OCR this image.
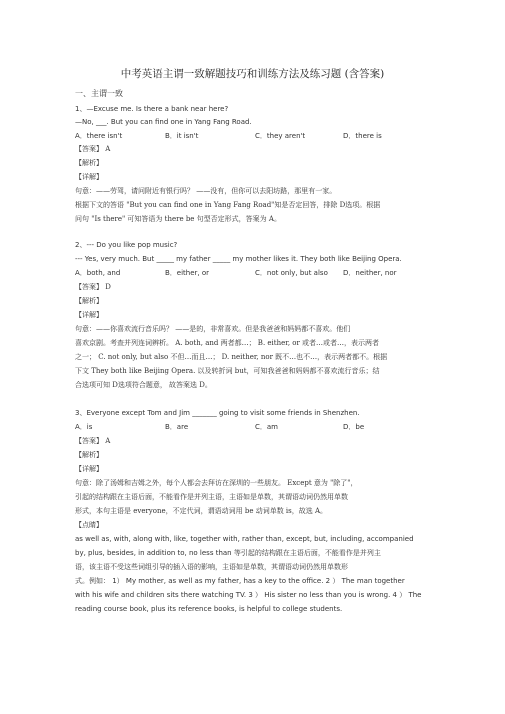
中考英语主谓一致解题技巧和训练方法及练习题 (含答案)
一、主谓一致
1、—Excuse me. Is there a bank near here?
—No, ___. But you can find one in Yang Fang Road.
A．there isn't	B．it isn't	C．they aren't	D．there is
【答案】 A
【解析】
【详解】
句意：——劳驾，请问附近有银行吗？ ——没有，但你可以去阳坊路，那里有一家。
根据下文的答语 "But you can find one in Yang Fang Road"知是否定回答，排除 D选项。根据
问句 "Is there" 可知答语为 there be 句型否定形式，答案为 A。
2、--- Do you like pop music?
--- Yes, very much. But _____ my father _____ my mother likes it. They both like Beijing Opera.
A．both, and	B．either, or	C．not only, but also D．neither, nor
【答案】 D
【解析】
【详解】
句意：——你喜欢流行音乐吗？ ——是的，非常喜欢。但是我爸爸和妈妈都不喜欢。他们
喜欢京剧。考查并列连词辨析。 A. both, and 两者都…； B. either, or 或者…或者…，表示两者
之一； C. not only, but also 不但…而且…； D. neither, nor 既不…也不…，表示两者都不。根据
下文 They both like Beijing Opera. 以及转折词 but，可知我爸爸和妈妈都不喜欢流行音乐；结
合选项可知 D选项符合题意， 故答案选 D。
3、Everyone except Tom and Jim _______ going to visit some friends in Shenzhen.
A．is	B．are	C．am	D．be
【答案】 A
【解析】
【详解】
句意：除了汤姆和吉姆之外，每个人都会去拜访在深圳的一些朋友。 Except 意为 "除了"，
引起的结构跟在主语后面，不能看作是并列主语，主语如是单数，其谓语动词仍然用单数
形式，本句主语是 everyone，不定代词，谓语动词用 be 动词单数 is，故选 A。
【点睛】
as well as, with, along with, like, together with, rather than, except, but, including, accompanied
by, plus, besides, in addition to, no less than 等引起的结构跟在主语后面，不能看作是并列主
语，该主语不受这些词组引导的插入语的影响，主语如是单数，其谓语动词仍然用单数形
式。例如： 1） My mother, as well as my father, has a key to the office. 2 ） The man together
with his wife and children sits there watching TV. 3 ） His sister no less than you is wrong. 4 ） The
reading course book, plus its reference books, is helpful to college students.
